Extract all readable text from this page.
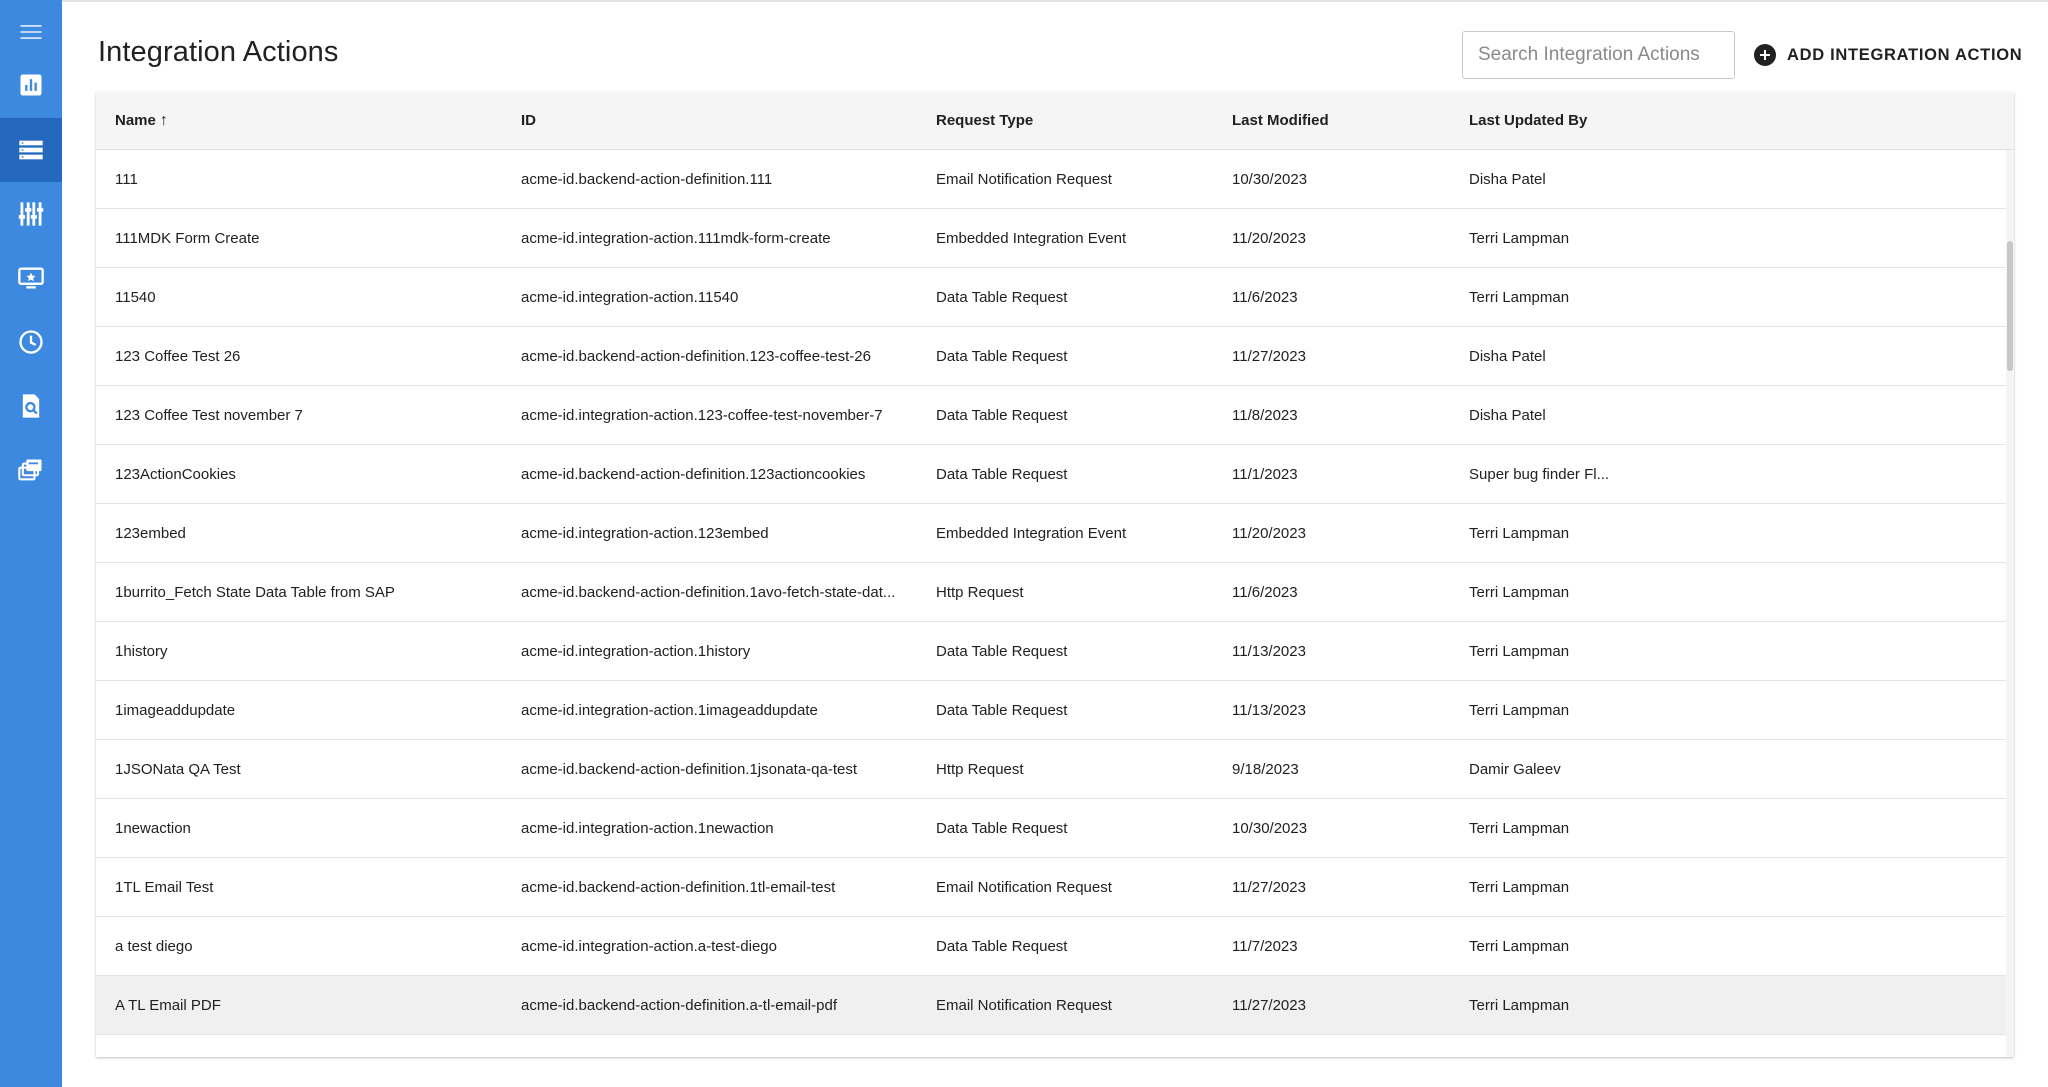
Integration Actions
Search Integration Actions	ADD INTEGRATION ACTION
Name ↑	ID	Request Type	Last Modified	Last Updated By
111	acme-id.backend-action-definition.111	Email Notification Request	10/30/2023	Disha Patel
111MDK Form Create	acme-id.integration-action.111mdk-form-create	Embedded Integration Event	11/20/2023	Terri Lampman
11540	acme-id.integration-action.11540	Data Table Request	11/6/2023	Terri Lampman
123 Coffee Test 26	acme-id.backend-action-definition.123-coffee-test-26	Data Table Request	11/27/2023	Disha Patel
123 Coffee Test november 7	acme-id.integration-action.123-coffee-test-november-7	Data Table Request	11/8/2023	Disha Patel
123ActionCookies	acme-id.backend-action-definition.123actioncookies	Data Table Request	11/1/2023	Super bug finder Fl...
123embed	acme-id.integration-action.123embed	Embedded Integration Event	11/20/2023	Terri Lampman
1burrito_Fetch State Data Table from SAP	acme-id.backend-action-definition.1avo-fetch-state-dat...	Http Request	11/6/2023	Terri Lampman
1history	acme-id.integration-action.1history	Data Table Request	11/13/2023	Terri Lampman
1imageaddupdate	acme-id.integration-action.1imageaddupdate	Data Table Request	11/13/2023	Terri Lampman
1JSONata QA Test	acme-id.backend-action-definition.1jsonata-qa-test	Http Request	9/18/2023	Damir Galeev
1newaction	acme-id.integration-action.1newaction	Data Table Request	10/30/2023	Terri Lampman
1TL Email Test	acme-id.backend-action-definition.1tl-email-test	Email Notification Request	11/27/2023	Terri Lampman
a test diego	acme-id.integration-action.a-test-diego	Data Table Request	11/7/2023	Terri Lampman
A TL Email PDF	acme-id.backend-action-definition.a-tl-email-pdf	Email Notification Request	11/27/2023	Terri Lampman
